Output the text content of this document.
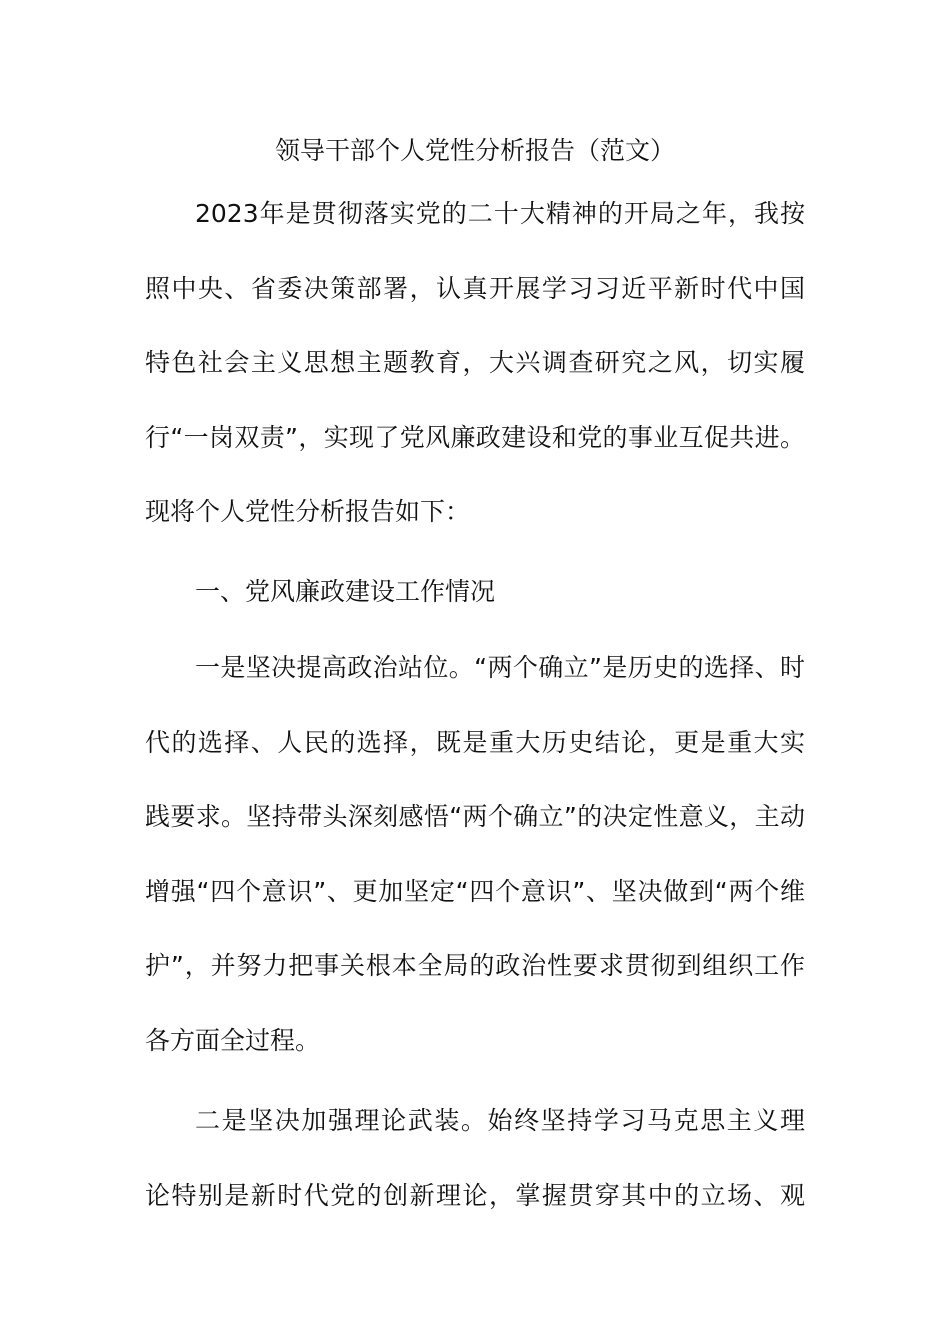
领导干部个人党性分析报告（范文）
2023年是贯彻落实党的二十大精神的开局之年，我按
照中央、省委决策部署，认真开展学习习近平新时代中国
特色社会主义思想主题教育，大兴调查研究之风，切实履
行“一岗双责”，实现了党风廉政建设和党的事业互促共进。
现将个人党性分析报告如下：
一、党风廉政建设工作情况
一是坚决提高政治站位。“两个确立”是历史的选择、时
代的选择、人民的选择，既是重大历史结论，更是重大实
践要求。坚持带头深刻感悟“两个确立”的决定性意义，主动
增强“四个意识”、更加坚定“四个意识”、坚决做到“两个维
护”，并努力把事关根本全局的政治性要求贯彻到组织工作
各方面全过程。
二是坚决加强理论武装。始终坚持学习马克思主义理
论特别是新时代党的创新理论，掌握贯穿其中的立场、观
